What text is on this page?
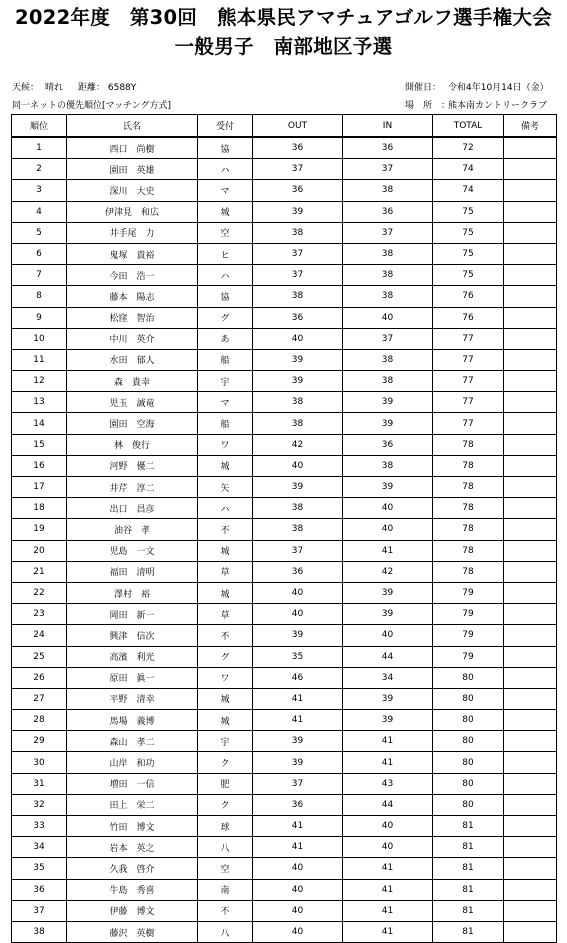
2022年度　第30回　熊本県民アマチュアゴルフ選手権大会
一般男子　南部地区予選
天候： 晴れ 距離： 6588Y
同一ネットの優先順位[マッチング方式]
開催日： 令和4年10月14日（金）
場　所　：
熊本南カントリークラブ
順位	氏名	受付	OUT	IN	TOTAL	備考
1	西口　尚樹	協	36	36	72	
2	園田　英雄	ハ	37	37	74	
3	深川　大史	マ	36	38	74	
4	伊津見　和広	城	39	36	75	
5	井手尾　力	空	38	37	75	
6	鬼塚　貴裕	ヒ	37	38	75	
7	今田　浩一	ハ	37	38	75	
8	藤本　陽志	協	38	38	76	
9	松窪　智治	グ	36	40	76	
10	中川　英介	あ	40	37	77	
11	水田　郁人	船	39	38	77	
12	森　貴幸	宇	39	38	77	
13	児玉　誠竜	マ	38	39	77	
14	園田　空海	船	38	39	77	
15	林　俊行	ワ	42	36	78	
16	河野　優二	城	40	38	78	
17	井芹　淳二	矢	39	39	78	
18	出口　昌彦	ハ	38	40	78	
19	油谷　孝	不	38	40	78	
20	児島　一文	城	37	41	78	
21	福田　清明	草	36	42	78	
22	澤村　裕	城	40	39	79	
23	岡田　新一	草	40	39	79	
24	興津　信次	不	39	40	79	
25	高濱　利光	グ	35	44	79	
26	原田　眞一	ワ	46	34	80	
27	平野　清幸	城	41	39	80	
28	馬場　義博	城	41	39	80	
29	森山　孝二	宇	39	41	80	
30	山岸　和功	ク	39	41	80	
31	増田　一信	肥	37	43	80	
32	田上　栄二	ク	36	44	80	
33	竹田　博文	球	41	40	81	
34	岩本　英之	八	41	40	81	
35	久我　啓介	空	40	41	81	
36	牛島　秀喜	南	40	41	81	
37	伊藤　博文	不	40	41	81	
38	藤沢　英樹	八	40	41	81	
